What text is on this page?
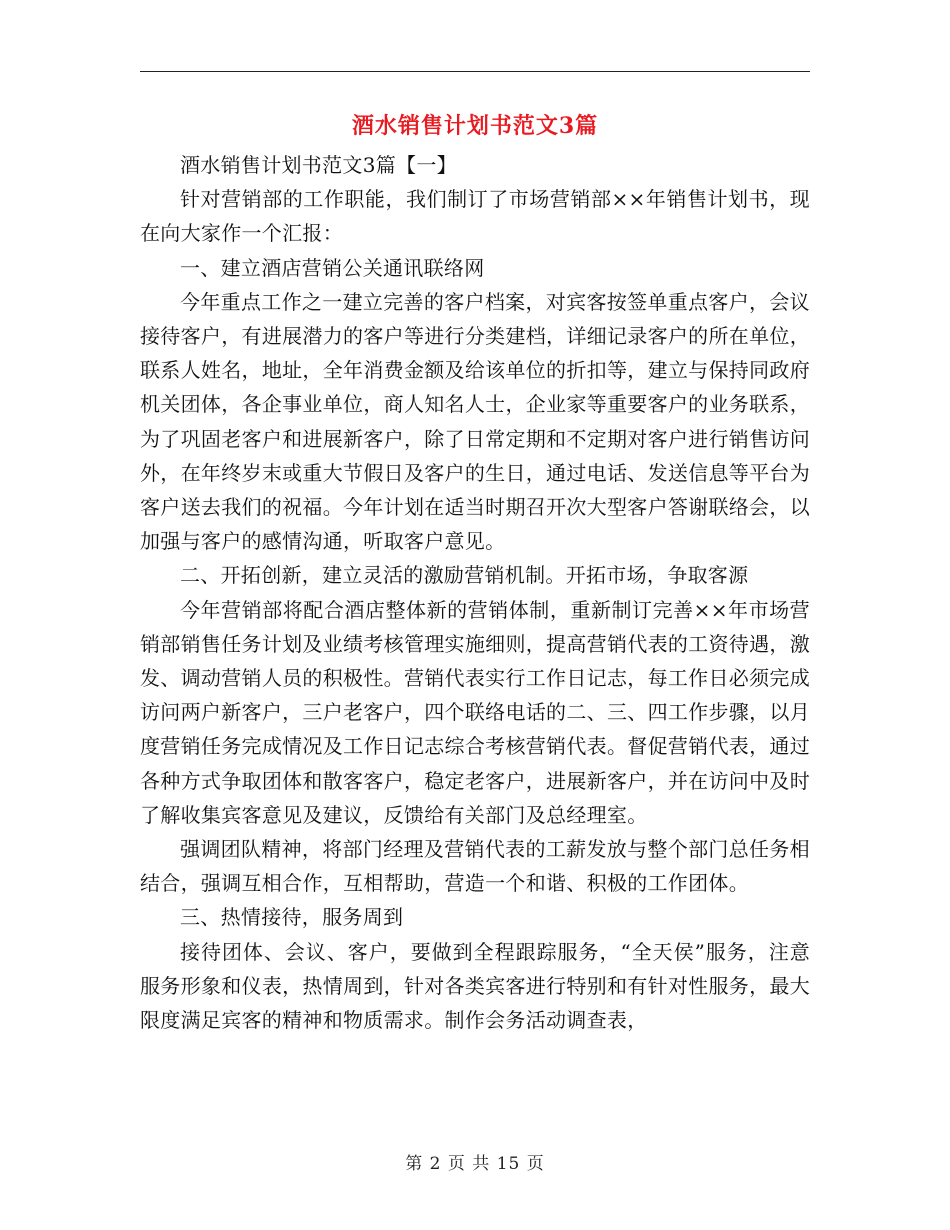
酒水销售计划书范文3篇

酒水销售计划书范文3篇【一】

针对营销部的工作职能，我们制订了市场营销部××年销售计划书，现在向大家作一个汇报：

一、建立酒店营销公关通讯联络网

今年重点工作之一建立完善的客户档案，对宾客按签单重点客户，会议接待客户，有进展潜力的客户等进行分类建档，详细记录客户的所在单位，联系人姓名，地址，全年消费金额及给该单位的折扣等，建立与保持同政府机关团体，各企事业单位，商人知名人士，企业家等重要客户的业务联系，为了巩固老客户和进展新客户，除了日常定期和不定期对客户进行销售访问外，在年终岁末或重大节假日及客户的生日，通过电话、发送信息等平台为客户送去我们的祝福。今年计划在适当时期召开次大型客户答谢联络会，以加强与客户的感情沟通，听取客户意见。

二、开拓创新，建立灵活的激励营销机制。开拓市场，争取客源

今年营销部将配合酒店整体新的营销体制，重新制订完善××年市场营销部销售任务计划及业绩考核管理实施细则，提高营销代表的工资待遇，激发、调动营销人员的积极性。营销代表实行工作日记志，每工作日必须完成访问两户新客户，三户老客户，四个联络电话的二、三、四工作步骤，以月度营销任务完成情况及工作日记志综合考核营销代表。督促营销代表，通过各种方式争取团体和散客客户，稳定老客户，进展新客户，并在访问中及时了解收集宾客意见及建议，反馈给有关部门及总经理室。

强调团队精神，将部门经理及营销代表的工薪发放与整个部门总任务相结合，强调互相合作，互相帮助，营造一个和谐、积极的工作团体。

三、热情接待，服务周到

接待团体、会议、客户，要做到全程跟踪服务，“全天侯”服务，注意服务形象和仪表，热情周到，针对各类宾客进行特别和有针对性服务，最大限度满足宾客的精神和物质需求。制作会务活动调查表，

第 2 页 共 15 页
